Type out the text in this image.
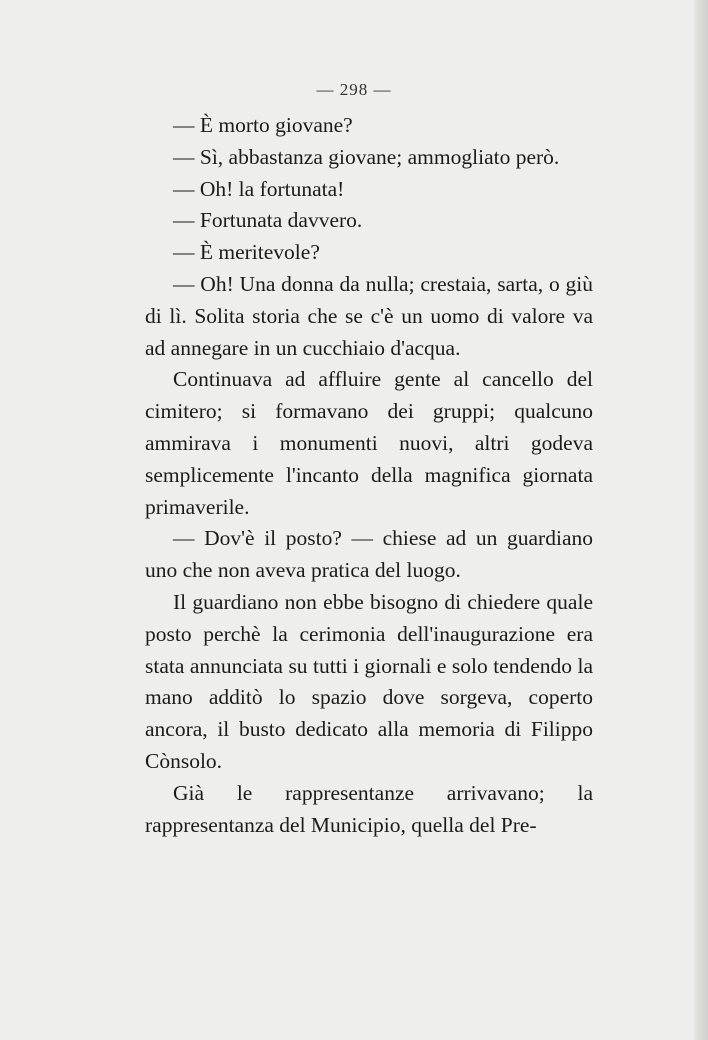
— 298 —

— È morto giovane?

— Sì, abbastanza giovane; ammogliato però.

— Oh! la fortunata!

— Fortunata davvero.

— È meritevole?

— Oh! Una donna da nulla; crestaia, sarta, o giù di lì. Solita storia che se c'è un uomo di valore va ad annegare in un cucchiaio d'acqua.

Continuava ad affluire gente al cancello del cimitero; si formavano dei gruppi; qualcuno ammirava i monumenti nuovi, altri godeva semplicemente l'incanto della magnifica giornata primaverile.

— Dov'è il posto? — chiese ad un guardiano uno che non aveva pratica del luogo.

Il guardiano non ebbe bisogno di chiedere quale posto perchè la cerimonia dell'inaugurazione era stata annunciata su tutti i giornali e solo tendendo la mano additò lo spazio dove sorgeva, coperto ancora, il busto dedicato alla memoria di Filippo Cònsolo.

Già le rappresentanze arrivavano; la rappresentanza del Municipio, quella del Pre-
